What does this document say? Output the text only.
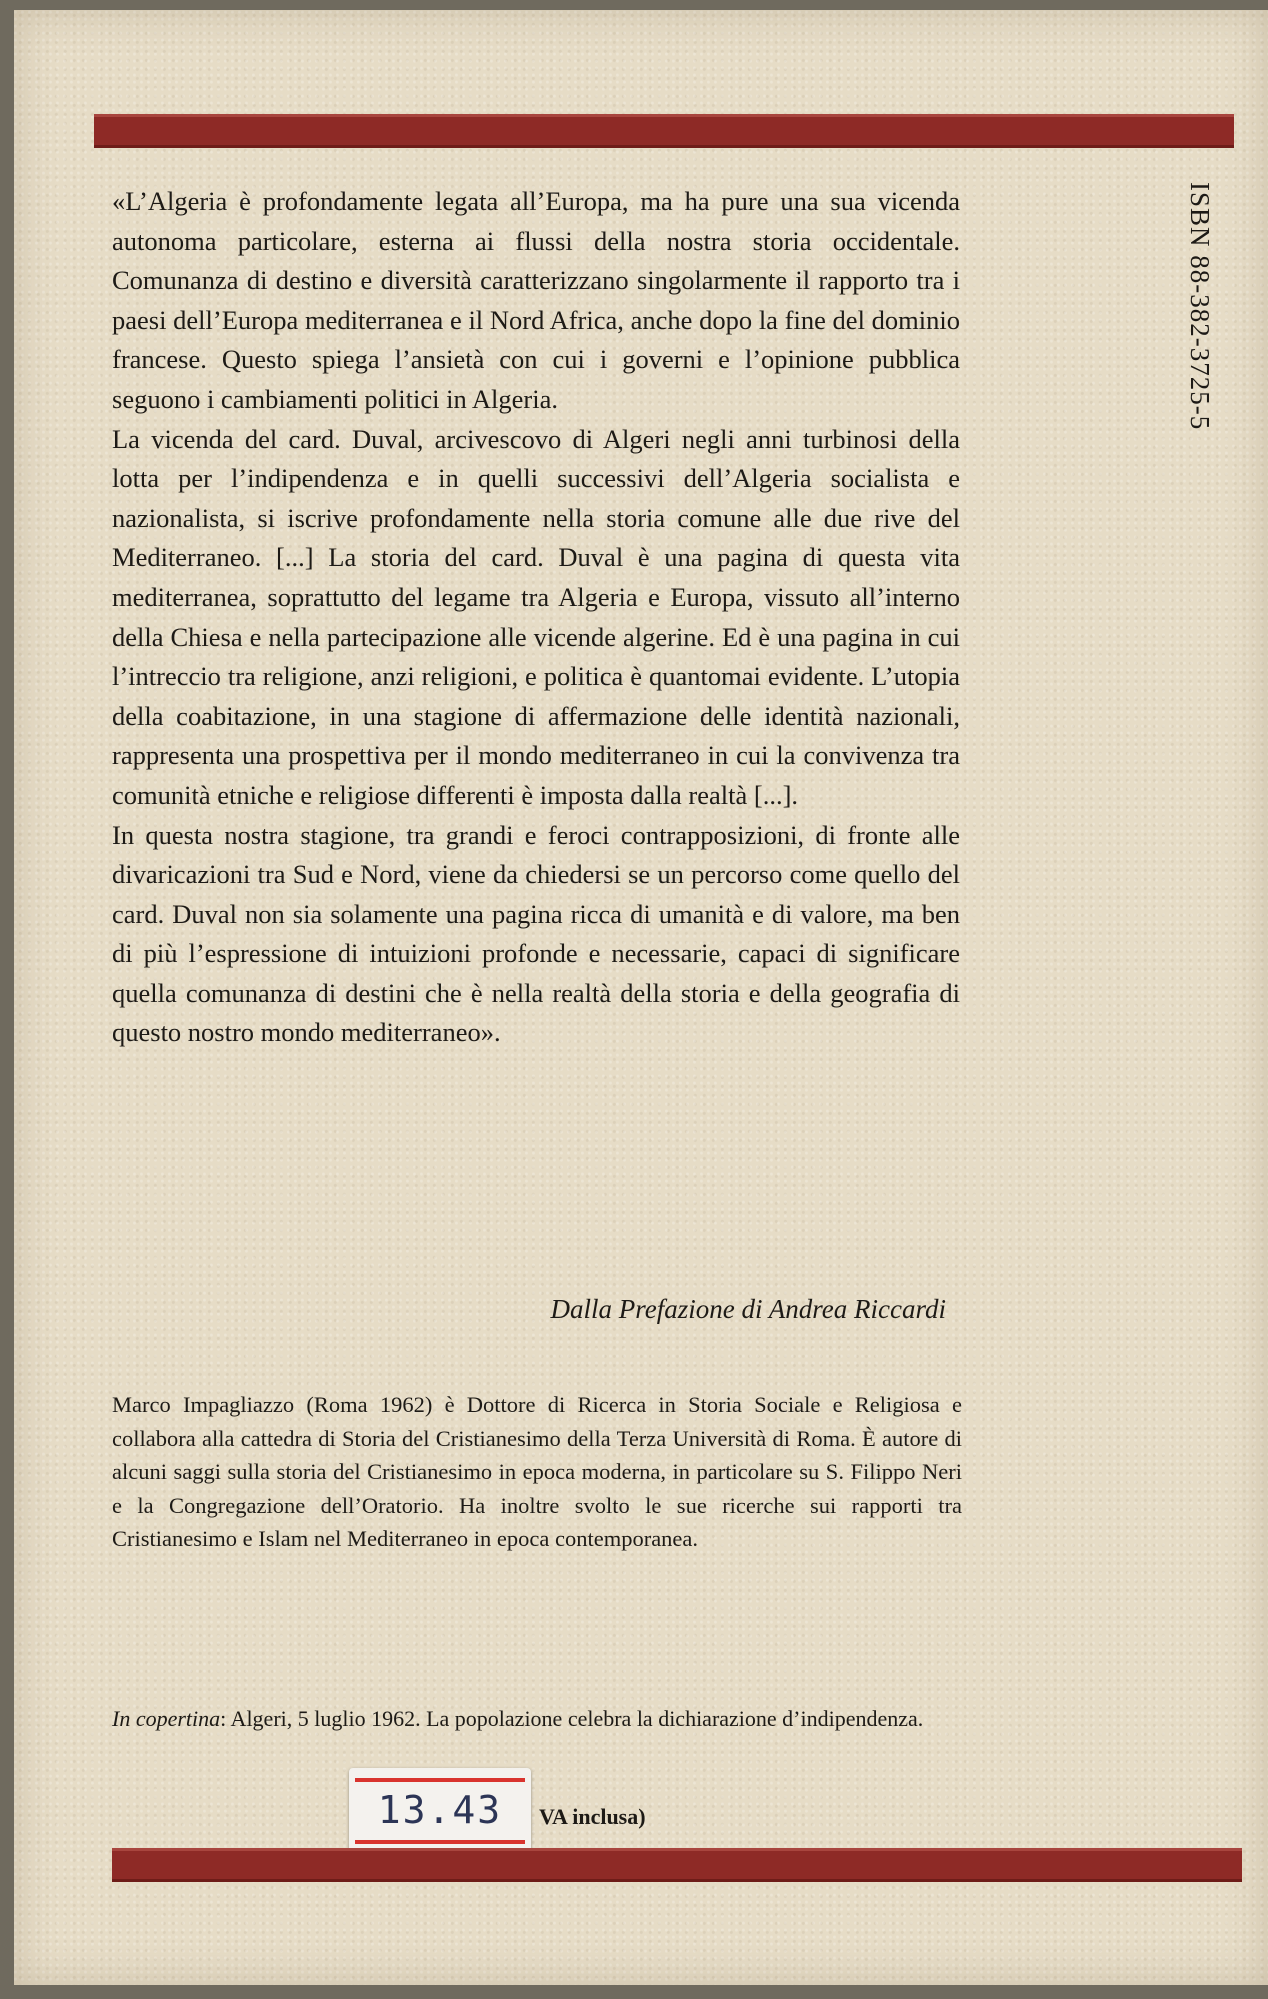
ISBN 88-382-3725-5

«L’Algeria è profondamente legata all’Europa, ma ha pure una sua vicenda autonoma particolare, esterna ai flussi della nostra storia occidentale. Comunanza di destino e diversità caratterizzano singolarmente il rapporto tra i paesi dell’Europa mediterranea e il Nord Africa, anche dopo la fine del dominio francese. Questo spiega l’ansietà con cui i governi e l’opinione pubblica seguono i cambiamenti politici in Algeria.

La vicenda del card. Duval, arcivescovo di Algeri negli anni turbinosi della lotta per l’indipendenza e in quelli successivi dell’Algeria socialista e nazionalista, si iscrive profondamente nella storia comune alle due rive del Mediterraneo. [...] La storia del card. Duval è una pagina di questa vita mediterranea, soprattutto del legame tra Algeria e Europa, vissuto all’interno della Chiesa e nella partecipazione alle vicende algerine. Ed è una pagina in cui l’intreccio tra religione, anzi religioni, e politica è quantomai evidente. L’utopia della coabitazione, in una stagione di affermazione delle identità nazionali, rappresenta una prospettiva per il mondo mediterraneo in cui la convivenza tra comunità etniche e religiose differenti è imposta dalla realtà [...].

In questa nostra stagione, tra grandi e feroci contrapposizioni, di fronte alle divaricazioni tra Sud e Nord, viene da chiedersi se un percorso come quello del card. Duval non sia solamente una pagina ricca di umanità e di valore, ma ben di più l’espressione di intuizioni profonde e necessarie, capaci di significare quella comunanza di destini che è nella realtà della storia e della geografia di questo nostro mondo mediterraneo».

Dalla Prefazione di Andrea Riccardi
Marco Impagliazzo (Roma 1962) è Dottore di Ricerca in Storia Sociale e Religiosa e collabora alla cattedra di Storia del Cristianesimo della Terza Università di Roma. È autore di alcuni saggi sulla storia del Cristianesimo in epoca moderna, in particolare su S. Filippo Neri e la Congregazione dell’Oratorio. Ha inoltre svolto le sue ricerche sui rapporti tra Cristianesimo e Islam nel Mediterraneo in epoca contemporanea.
In copertina: Algeri, 5 luglio 1962. La popolazione celebra la dichiarazione d’indipendenza.
VA inclusa)
13.43
